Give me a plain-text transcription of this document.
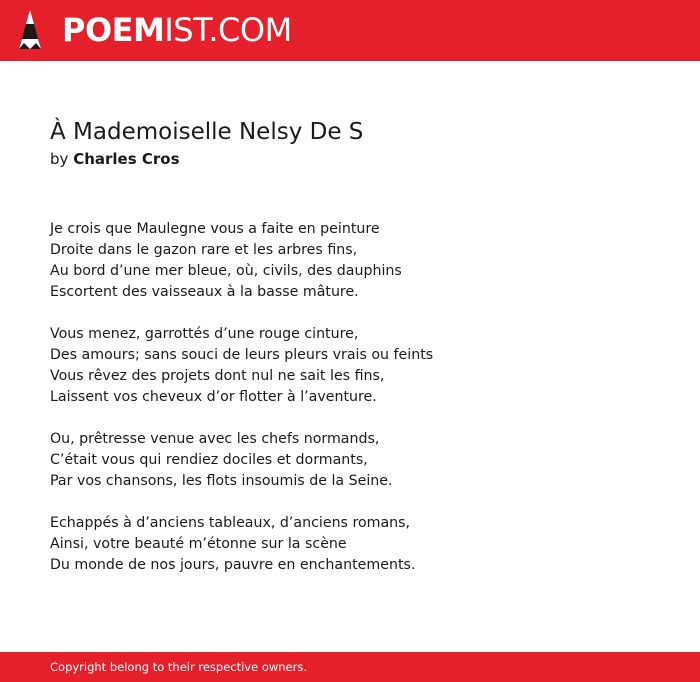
POEMIST.COM
À Mademoiselle Nelsy De S
by Charles Cros
Je crois que Maulegne vous a faite en peinture
Droite dans le gazon rare et les arbres fins,
Au bord d’une mer bleue, où, civils, des dauphins
Escortent des vaisseaux à la basse mâture.
Vous menez, garrottés d’une rouge cinture,
Des amours; sans souci de leurs pleurs vrais ou feints
Vous rêvez des projets dont nul ne sait les fins,
Laissent vos cheveux d’or flotter à l’aventure.
Ou, prêtresse venue avec les chefs normands,
C’était vous qui rendiez dociles et dormants,
Par vos chansons, les flots insoumis de la Seine.
Echappés à d’anciens tableaux, d’anciens romans,
Ainsi, votre beauté m’étonne sur la scène
Du monde de nos jours, pauvre en enchantements.
Copyright belong to their respective owners.
